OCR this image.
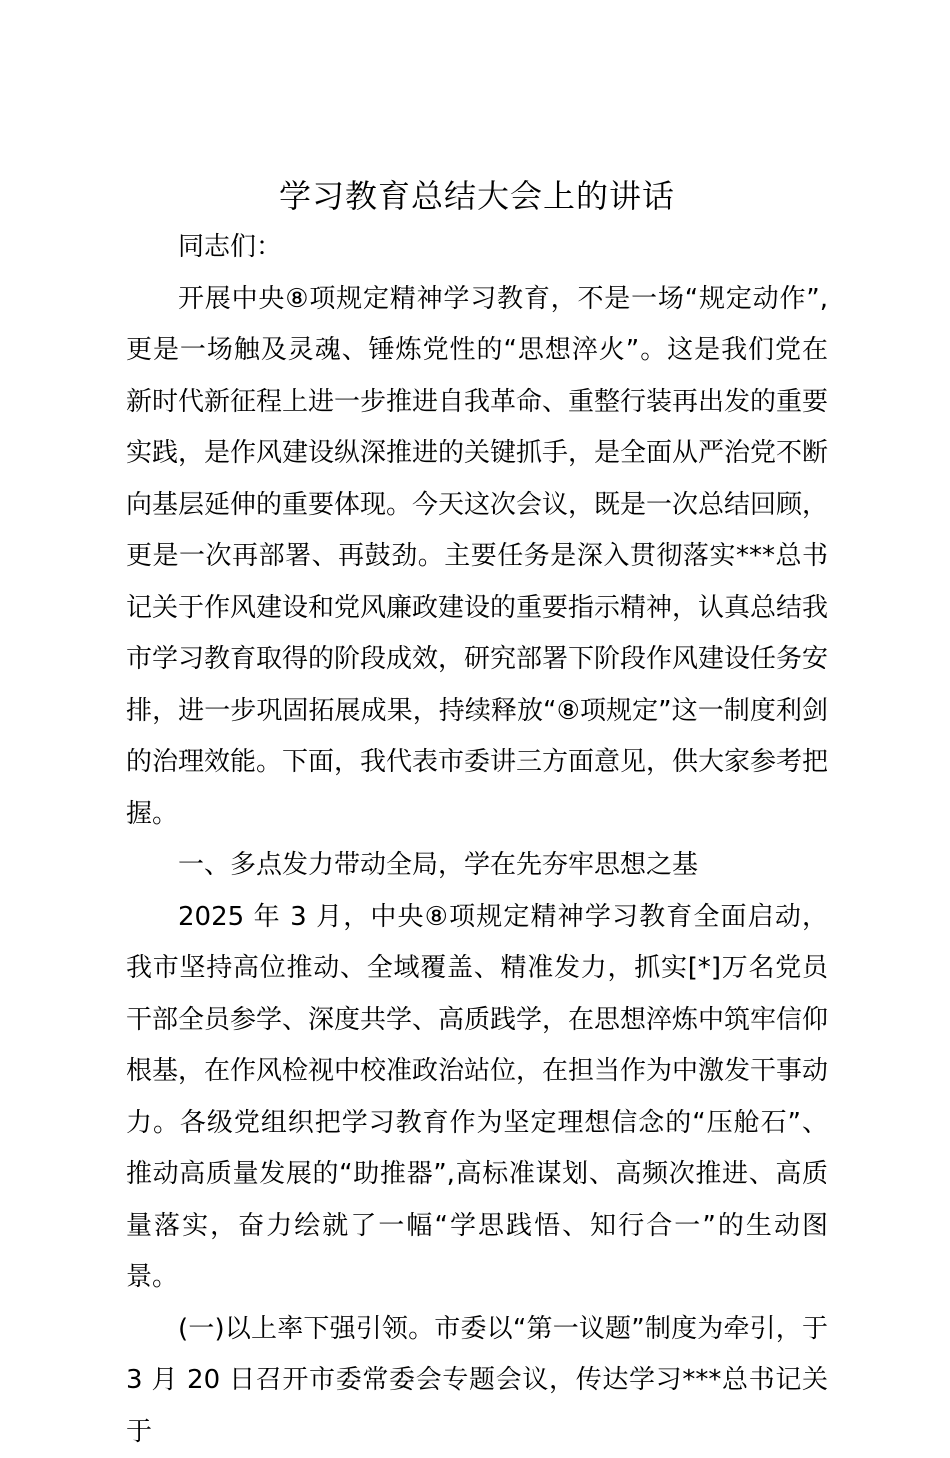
学习教育总结大会上的讲话

同志们：

开展中央⑧项规定精神学习教育，不是一场“规定动作”,更是一场触及灵魂、锤炼党性的“思想淬火”。这是我们党在新时代新征程上进一步推进自我革命、重整行装再出发的重要实践，是作风建设纵深推进的关键抓手，是全面从严治党不断向基层延伸的重要体现。今天这次会议，既是一次总结回顾，更是一次再部署、再鼓劲。主要任务是深入贯彻落实***总书记关于作风建设和党风廉政建设的重要指示精神，认真总结我市学习教育取得的阶段成效，研究部署下阶段作风建设任务安排，进一步巩固拓展成果，持续释放“⑧项规定”这一制度利剑的治理效能。下面，我代表市委讲三方面意见，供大家参考把握。

一、多点发力带动全局，学在先夯牢思想之基

2025 年 3 月，中央⑧项规定精神学习教育全面启动，我市坚持高位推动、全域覆盖、精准发力，抓实[*]万名党员干部全员参学、深度共学、高质践学，在思想淬炼中筑牢信仰根基，在作风检视中校准政治站位，在担当作为中激发干事动力。各级党组织把学习教育作为坚定理想信念的“压舱石”、推动高质量发展的“助推器”,高标准谋划、高频次推进、高质量落实，奋力绘就了一幅“学思践悟、知行合一”的生动图景。

(一)以上率下强引领。市委以“第一议题”制度为牵引，于 3 月 20 日召开市委常委会专题会议，传达学习***总书记关于
